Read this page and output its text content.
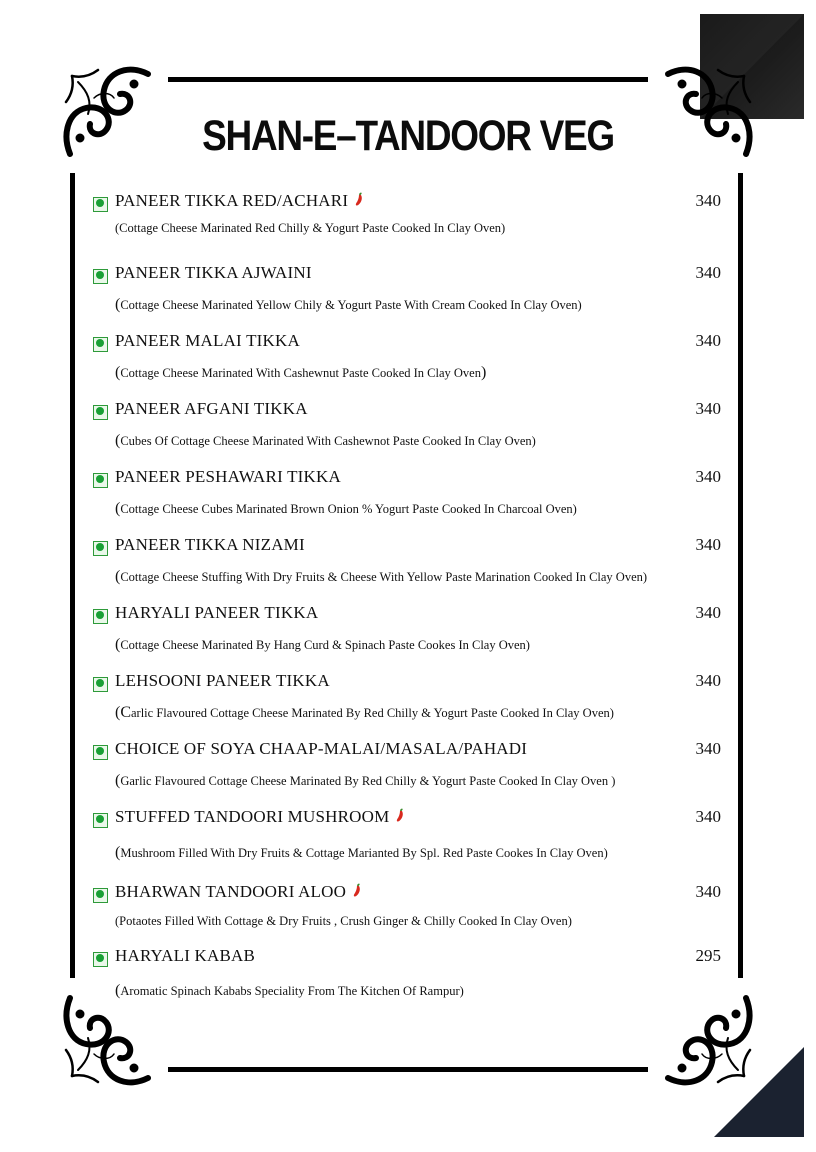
SHAN-E–TANDOOR VEG
PANEER TIKKA RED/ACHARI	340
(Cottage Cheese Marinated Red Chilly & Yogurt Paste Cooked In Clay Oven)
PANEER TIKKA AJWAINI	340
(Cottage Cheese Marinated Yellow Chily & Yogurt Paste With Cream Cooked In Clay Oven)
PANEER MALAI TIKKA	340
(Cottage Cheese Marinated With Cashewnut Paste Cooked In Clay Oven)
PANEER AFGANI TIKKA	340
(Cubes Of Cottage Cheese Marinated With Cashewnot Paste Cooked In Clay Oven)
PANEER PESHAWARI TIKKA	340
(Cottage Cheese Cubes Marinated Brown Onion % Yogurt Paste Cooked In Charcoal Oven)
PANEER TIKKA NIZAMI	340
(Cottage Cheese Stuffing With Dry Fruits & Cheese With Yellow Paste Marination Cooked In Clay Oven)
HARYALI PANEER TIKKA	340
(Cottage Cheese Marinated By Hang Curd & Spinach Paste Cookes In Clay Oven)
LEHSOONI PANEER TIKKA	340
(Carlic Flavoured Cottage Cheese Marinated By Red Chilly & Yogurt Paste Cooked In Clay Oven)
CHOICE OF SOYA CHAAP-MALAI/MASALA/PAHADI	340
(Garlic Flavoured Cottage Cheese Marinated By Red Chilly & Yogurt Paste Cooked In Clay Oven )
STUFFED TANDOORI MUSHROOM	340
(Mushroom Filled With Dry Fruits & Cottage Marianted By Spl. Red Paste Cookes In Clay Oven)
BHARWAN TANDOORI ALOO	340
(Potaotes Filled With Cottage & Dry Fruits , Crush Ginger & Chilly Cooked In Clay Oven)
HARYALI KABAB	295
(Aromatic Spinach Kababs Speciality From The Kitchen Of Rampur)
